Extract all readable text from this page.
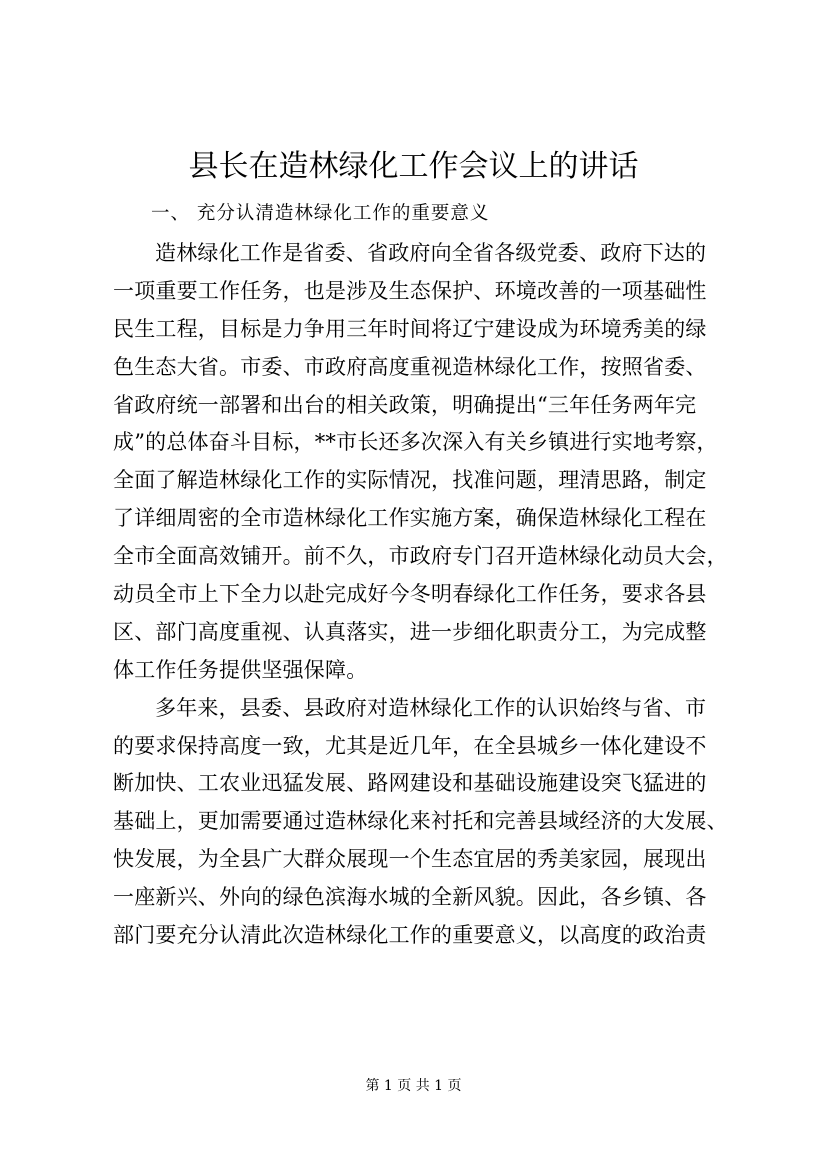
县长在造林绿化工作会议上的讲话
一、 充分认清造林绿化工作的重要意义
造林绿化工作是省委、省政府向全省各级党委、政府下达的
一项重要工作任务，也是涉及生态保护、环境改善的一项基础性
民生工程，目标是力争用三年时间将辽宁建设成为环境秀美的绿
色生态大省。市委、市政府高度重视造林绿化工作，按照省委、
省政府统一部署和出台的相关政策，明确提出“三年任务两年完
成”的总体奋斗目标，**市长还多次深入有关乡镇进行实地考察，
全面了解造林绿化工作的实际情况，找准问题，理清思路，制定
了详细周密的全市造林绿化工作实施方案，确保造林绿化工程在
全市全面高效铺开。前不久，市政府专门召开造林绿化动员大会，
动员全市上下全力以赴完成好今冬明春绿化工作任务，要求各县
区、部门高度重视、认真落实，进一步细化职责分工，为完成整
体工作任务提供坚强保障。
多年来，县委、县政府对造林绿化工作的认识始终与省、市
的要求保持高度一致，尤其是近几年，在全县城乡一体化建设不
断加快、工农业迅猛发展、路网建设和基础设施建设突飞猛进的
基础上，更加需要通过造林绿化来衬托和完善县域经济的大发展、
快发展，为全县广大群众展现一个生态宜居的秀美家园，展现出
一座新兴、外向的绿色滨海水城的全新风貌。因此，各乡镇、各
部门要充分认清此次造林绿化工作的重要意义，以高度的政治责
第 1 页 共 1 页
